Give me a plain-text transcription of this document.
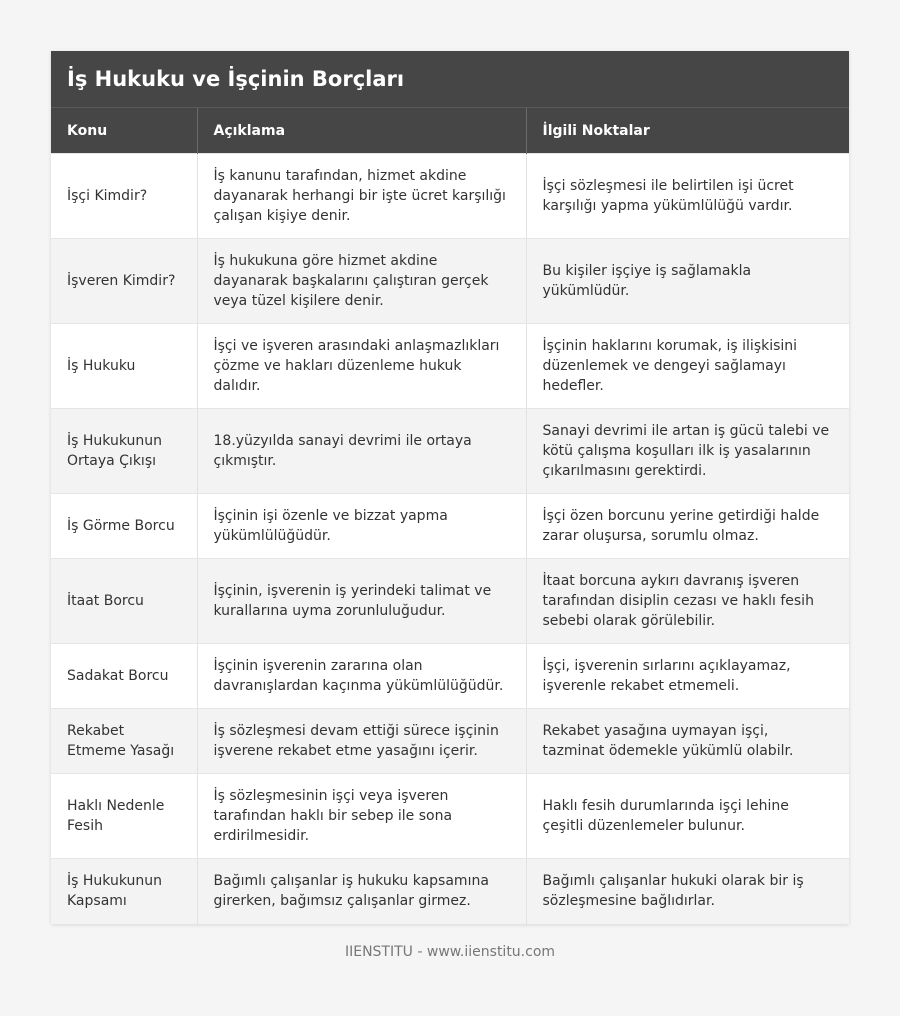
İş Hukuku ve İşçinin Borçları
Konu	Açıklama	İlgili Noktalar
İşçi Kimdir?	İş kanunu tarafından, hizmet akdine dayanarak herhangi bir işte ücret karşılığı çalışan kişiye denir.	İşçi sözleşmesi ile belirtilen işi ücret karşılığı yapma yükümlülüğü vardır.
İşveren Kimdir?	İş hukukuna göre hizmet akdine dayanarak başkalarını çalıştıran gerçek veya tüzel kişilere denir.	Bu kişiler işçiye iş sağlamakla yükümlüdür.
İş Hukuku	İşçi ve işveren arasındaki anlaşmazlıkları çözme ve hakları düzenleme hukuk dalıdır.	İşçinin haklarını korumak, iş ilişkisini düzenlemek ve dengeyi sağlamayı hedefler.
İş Hukukunun Ortaya Çıkışı	18.yüzyılda sanayi devrimi ile ortaya çıkmıştır.	Sanayi devrimi ile artan iş gücü talebi ve kötü çalışma koşulları ilk iş yasalarının çıkarılmasını gerektirdi.
İş Görme Borcu	İşçinin işi özenle ve bizzat yapma yükümlülüğüdür.	İşçi özen borcunu yerine getirdiği halde zarar oluşursa, sorumlu olmaz.
İtaat Borcu	İşçinin, işverenin iş yerindeki talimat ve kurallarına uyma zorunluluğudur.	İtaat borcuna aykırı davranış işveren tarafından disiplin cezası ve haklı fesih sebebi olarak görülebilir.
Sadakat Borcu	İşçinin işverenin zararına olan davranışlardan kaçınma yükümlülüğüdür.	İşçi, işverenin sırlarını açıklayamaz, işverenle rekabet etmemeli.
Rekabet Etmeme Yasağı	İş sözleşmesi devam ettiği sürece işçinin işverene rekabet etme yasağını içerir.	Rekabet yasağına uymayan işçi, tazminat ödemekle yükümlü olabilr.
Haklı Nedenle Fesih	İş sözleşmesinin işçi veya işveren tarafından haklı bir sebep ile sona erdirilmesidir.	Haklı fesih durumlarında işçi lehine çeşitli düzenlemeler bulunur.
İş Hukukunun Kapsamı	Bağımlı çalışanlar iş hukuku kapsamına girerken, bağımsız çalışanlar girmez.	Bağımlı çalışanlar hukuki olarak bir iş sözleşmesine bağlıdırlar.
IIENSTITU - www.iienstitu.com
